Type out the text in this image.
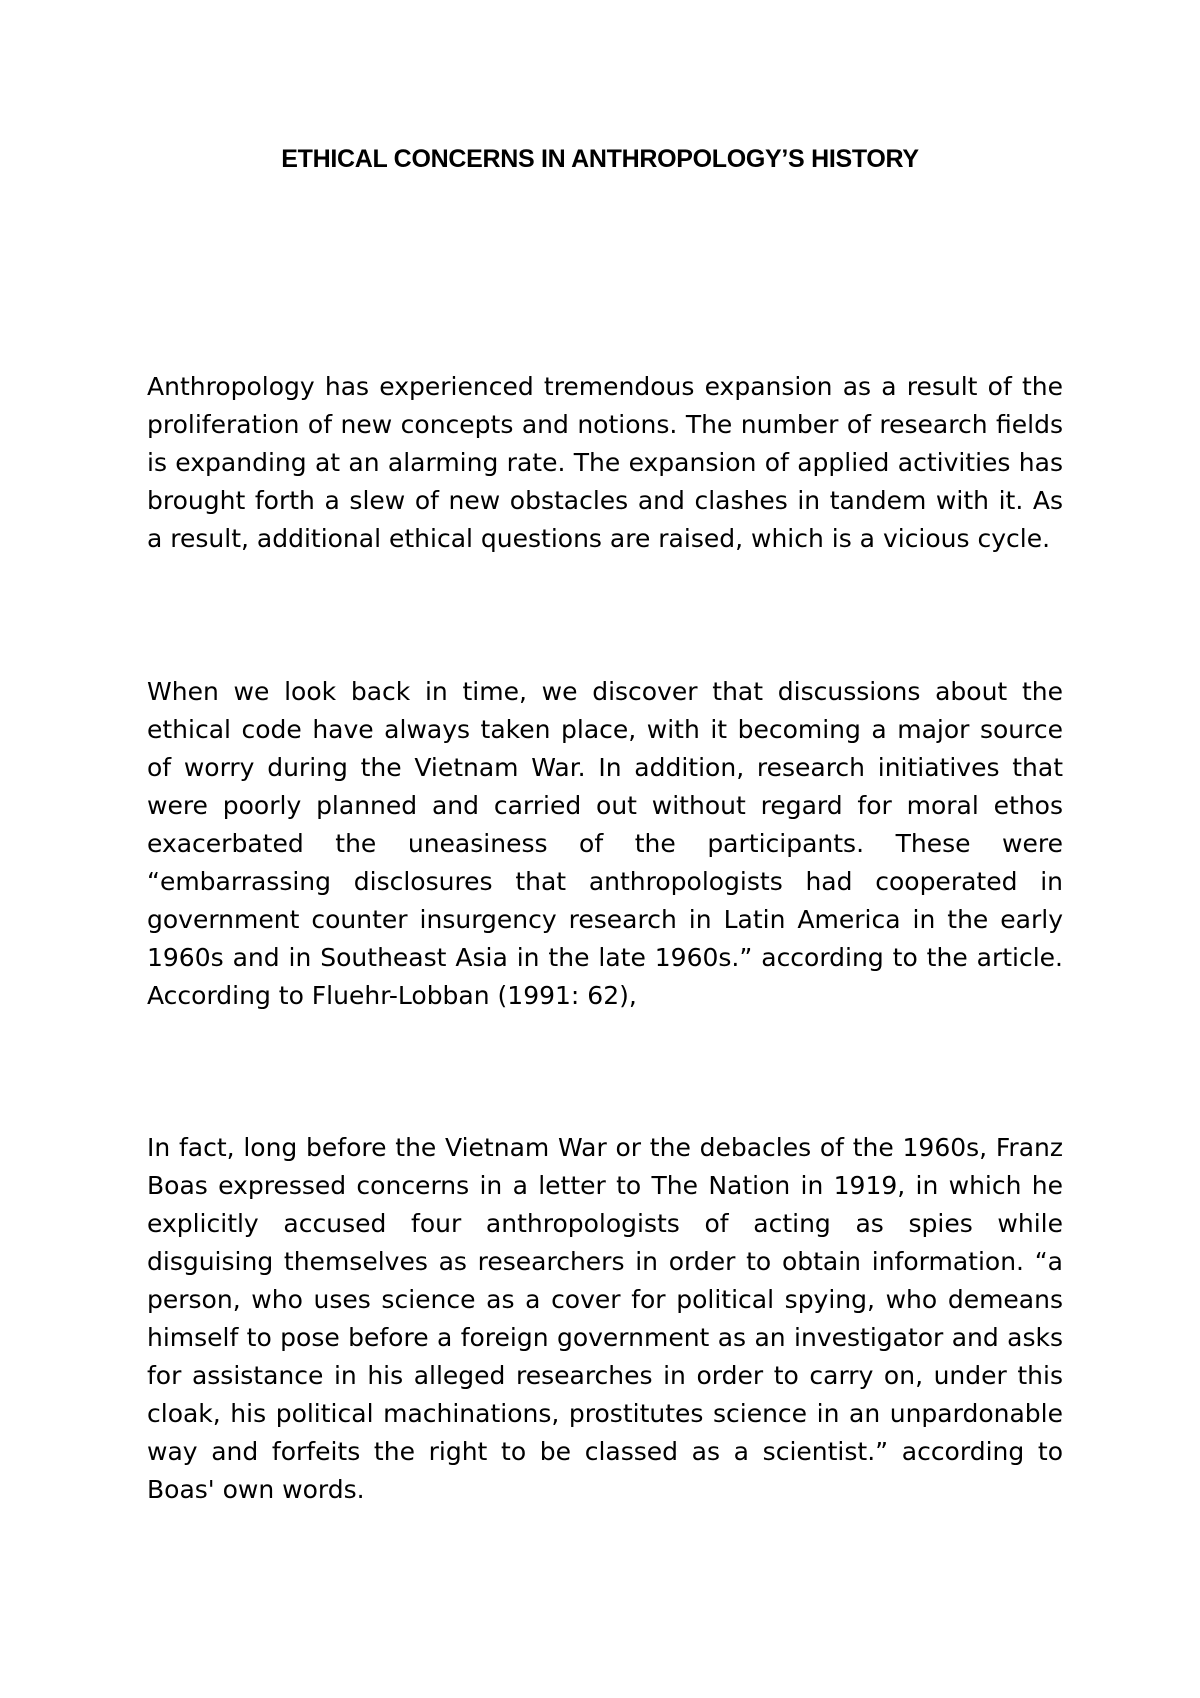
ETHICAL CONCERNS IN ANTHROPOLOGY’S HISTORY

Anthropology has experienced tremendous expansion as a result of the proliferation of new concepts and notions. The number of research fields is expanding at an alarming rate. The expansion of applied activities has brought forth a slew of new obstacles and clashes in tandem with it. As a result, additional ethical questions are raised, which is a vicious cycle.

When we look back in time, we discover that discussions about the ethical code have always taken place, with it becoming a major source of worry during the Vietnam War. In addition, research initiatives that were poorly planned and carried out without regard for moral ethos exacerbated the uneasiness of the participants. These were “embarrassing disclosures that anthropologists had cooperated in government counter insurgency research in Latin America in the early 1960s and in Southeast Asia in the late 1960s.” according to the article. According to Fluehr-Lobban (1991: 62),

In fact, long before the Vietnam War or the debacles of the 1960s, Franz Boas expressed concerns in a letter to The Nation in 1919, in which he explicitly accused four anthropologists of acting as spies while disguising themselves as researchers in order to obtain information. “a person, who uses science as a cover for political spying, who demeans himself to pose before a foreign government as an investigator and asks for assistance in his alleged researches in order to carry on, under this cloak, his political machinations, prostitutes science in an unpardonable way and forfeits the right to be classed as a scientist.” according to Boas' own words.
